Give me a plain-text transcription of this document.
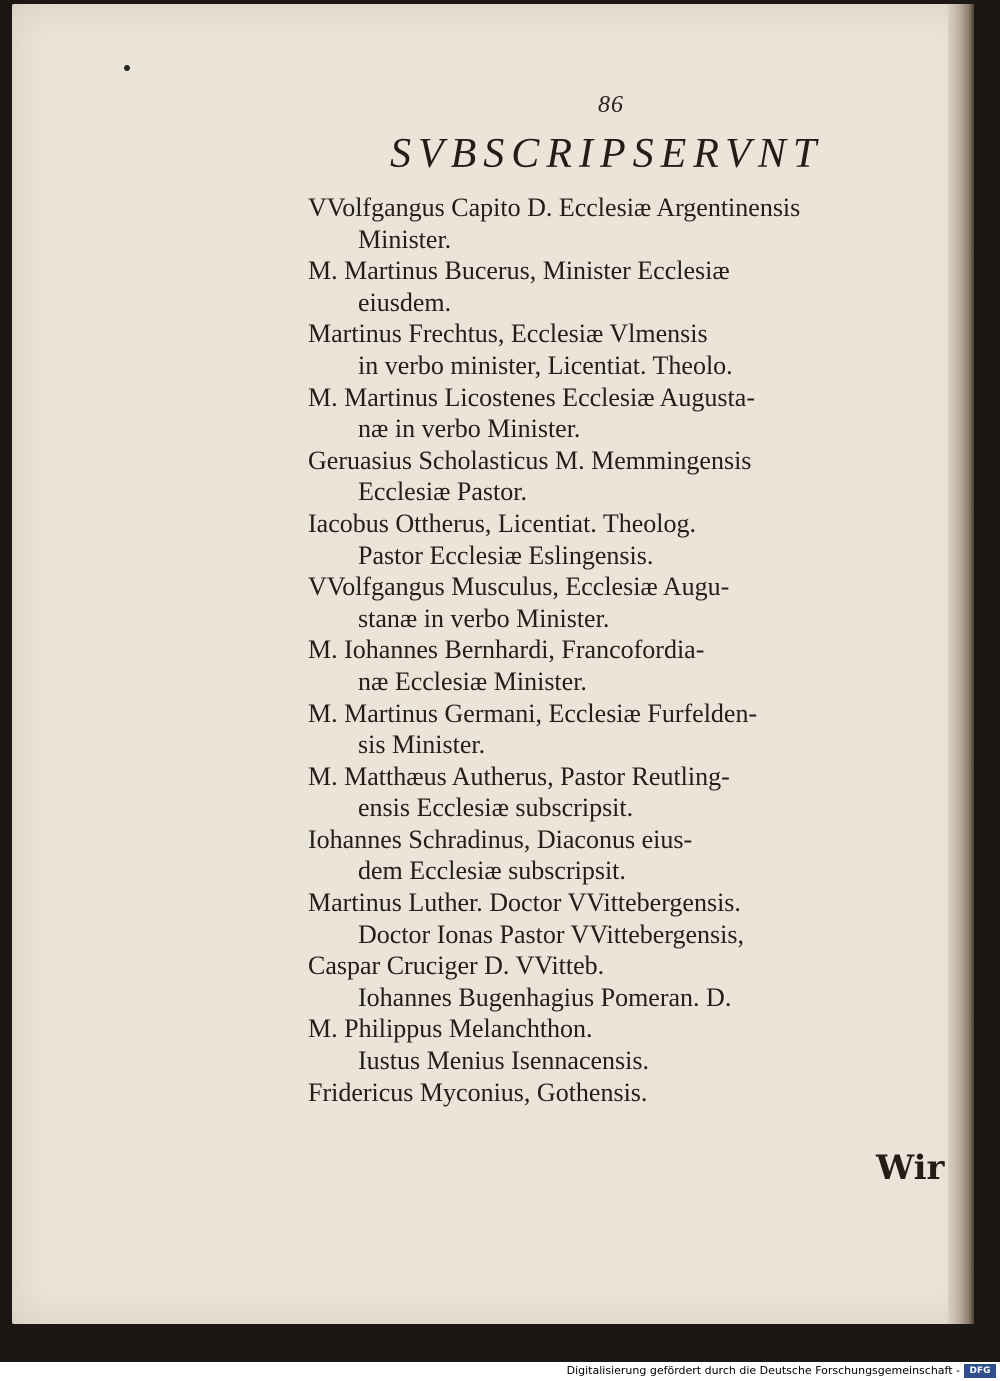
86
SVBSCRIPSERVNT
VVolfgangus Capito D. Ecclesiæ Argentinensis
Minister.
M. Martinus Bucerus, Minister Ecclesiæ
eiusdem.
Martinus Frechtus, Ecclesiæ Vlmensis
in verbo minister, Licentiat. Theolo.
M. Martinus Licostenes Ecclesiæ Augusta-
næ in verbo Minister.
Geruasius Scholasticus M. Memmingensis
Ecclesiæ Pastor.
Iacobus Ottherus, Licentiat. Theolog.
Pastor Ecclesiæ Eslingensis.
VVolfgangus Musculus, Ecclesiæ Augu-
stanæ in verbo Minister.
M. Iohannes Bernhardi, Francofordia-
næ Ecclesiæ Minister.
M. Martinus Germani, Ecclesiæ Furfelden-
sis Minister.
M. Matthæus Autherus, Pastor Reutling-
ensis Ecclesiæ subscripsit.
Iohannes Schradinus, Diaconus eius-
dem Ecclesiæ subscripsit.
Martinus Luther. Doctor VVittebergensis.
Doctor Ionas Pastor VVittebergensis,
Caspar Cruciger D. VVitteb.
Iohannes Bugenhagius Pomeran. D.
M. Philippus Melanchthon.
Iustus Menius Isennacensis.
Fridericus Myconius, Gothensis.
Wir
Digitalisierung gefördert durch die Deutsche Forschungsgemeinschaft -	DFG
